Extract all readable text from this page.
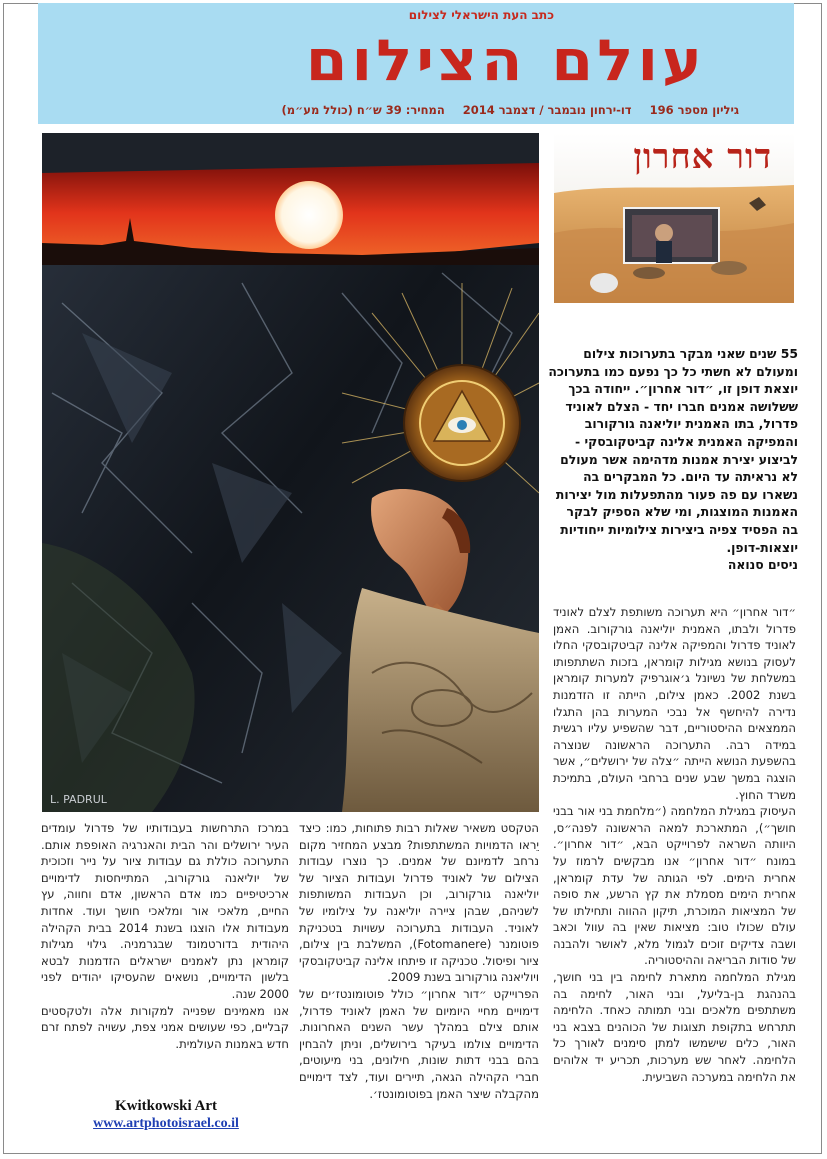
כתב העת הישראלי לצילום
עולם הצילום
גיליון מספר 196 דו-ירחון נובמבר / דצמבר 2014 המחיר: 39 ש״ח (כולל מע״מ)
L. PADRUL
דור אחרון
55 שנים שאני מבקר בתערוכות צילום ומעולם לא חשתי כל כך נפעם כמו בתערוכה יוצאת דופן זו, ״דור אחרון״. ייחודה בכך ששלושה אמנים חברו יחד - הצלם לאוניד פדרול, בתו האמנית יוליאנה גורקורוב והמפיקה האמנית אלינה קביטקובסקי - לביצוע יצירת אמנות מדהימה אשר מעולם לא נראיתה עד היום. כל המבקרים בה נשארו עם פה פעור מהתפעלות מול יצירות האמנות המוצגות, ומי שלא הספיק לבקר בה הפסיד צפיה ביצירות צילומיות ייחודיות יוצאות-דופן.
ניסים סנואה

״דור אחרון״ היא תערוכה משותפת לצלם לאוניד פדרול ולבתו, האמנית יוליאנה גורקורוב. האמן לאוניד פדרול והמפיקה אלינה קביטקובסקי החלו לעסוק בנושא מגילות קומראן, בזכות השתתפותו במשלחת של נשיונל ג׳אוגרפיק למערות קומראן בשנת 2002. כאמן צילום, הייתה זו הזדמנות נדירה להיחשף אל נבכי המערות בהן התגלו הממצאים ההיסטוריים, דבר שהשפיע עליו רגשית במידה רבה. התערוכה הראשונה שנוצרה בהשפעת הנושא הייתה ״צלה של ירושלים״, אשר הוצגה במשך שבע שנים ברחבי העולם, בתמיכת משרד החוץ.

העיסוק במגילת המלחמה (״מלחמת בני אור בבני חושך״), המתארכת למאה הראשונה לפנה״ס, היוותה השראה לפרוייקט הבא, ״דור אחרון״. במונח ״דור אחרון״ אנו מבקשים לרמוז על אחרית הימים. לפי הגותה של עדת קומראן, אחרית הימים מסמלת את קץ הרשע, את סופה של המציאות המוכרת, תיקון ההווה ותחילתו של עולם שכולו טוב: מציאות שאין בה עוול וכאב ושבה צדיקים זוכים לגמול מלא, לאושר ולהבנה של סודות הבריאה וההיסטוריה.

מגילת המלחמה מתארת לחימה בין בני חושך, בהנהגת בן-בליעל, ובני האור, לחימה בה משתתפים מלאכים ובני תמותה כאחד. הלחימה תתרחש בתקופת תצוגות של הכוהנים בצבא בני האור, כלים שישמשו למתן סימנים לאורך כל הלחימה. לאחר שש מערכות, תכריע יד אלוהים את הלחימה במערכה השביעית.

הטקסט משאיר שאלות רבות פתוחות, כמו: כיצד יֵראו הדמויות המשתתפות? מבצע המחזיר מקום נרחב לדמיונם של אמנים. כך נוצרו עבודות הצילום של לאוניד פדרול ועבודות הציור של יוליאנה גורקורוב, וכן העבודות המשותפות לשניהם, שבהן ציירה יוליאנה על צילומיו של לאוניד. העבודות בתערוכה עשויות בטכניקת פוטומנר (Fotomanere), המשלבת בין צילום, ציור ופיסול. טכניקה זו פיתחו אלינה קביטקובסקי ויוליאנה גורקורוב בשנת 2009.

הפרוייקט ״דור אחרון״ כולל פוטומונטז׳ים של דימויים מחיי היומיום של האמן לאוניד פדרול, אותם צילם במהלך עשר השנים האחרונות. הדימויים צולמו בעיקר בירושלים, וניתן להבחין בהם בבני דתות שונות, חילונים, בני מיעוטים, חברי הקהילה הגאה, תיירים ועוד, לצד דימויים מהקבלה שיצר האמן בפוטומונטז׳.

במרכז התרחשות בעבודותיו של פדרול עומדים העיר ירושלים והר הבית והאנרגיה האופפת אותם. התערוכה כוללת גם עבודות ציור על נייר וזכוכית של יוליאנה גורקורוב, המתייחסות לדימויים ארכיטיפיים כמו אדם הראשון, אדם וחווה, עץ החיים, מלאכי אור ומלאכי חושך ועוד. אחדות מעבודות אלו הוצגו בשנת 2014 בבית הקהילה היהודית בדורטמונד שבגרמניה. גילוי מגילות קומראן נתן לאמנים ישראלים הזדמנות לבטא בלשון הדימויים, נושאים שהעסיקו יהודים לפני 2000 שנה.

אנו מאמינים שפנייה למקורות אלה ולטקסטים קבליים, כפי שעושים אמני צפת, עשויה לפתח זרם חדש באמנות העולמית.

Kwitkowski Art
www.artphotoisrael.co.il
